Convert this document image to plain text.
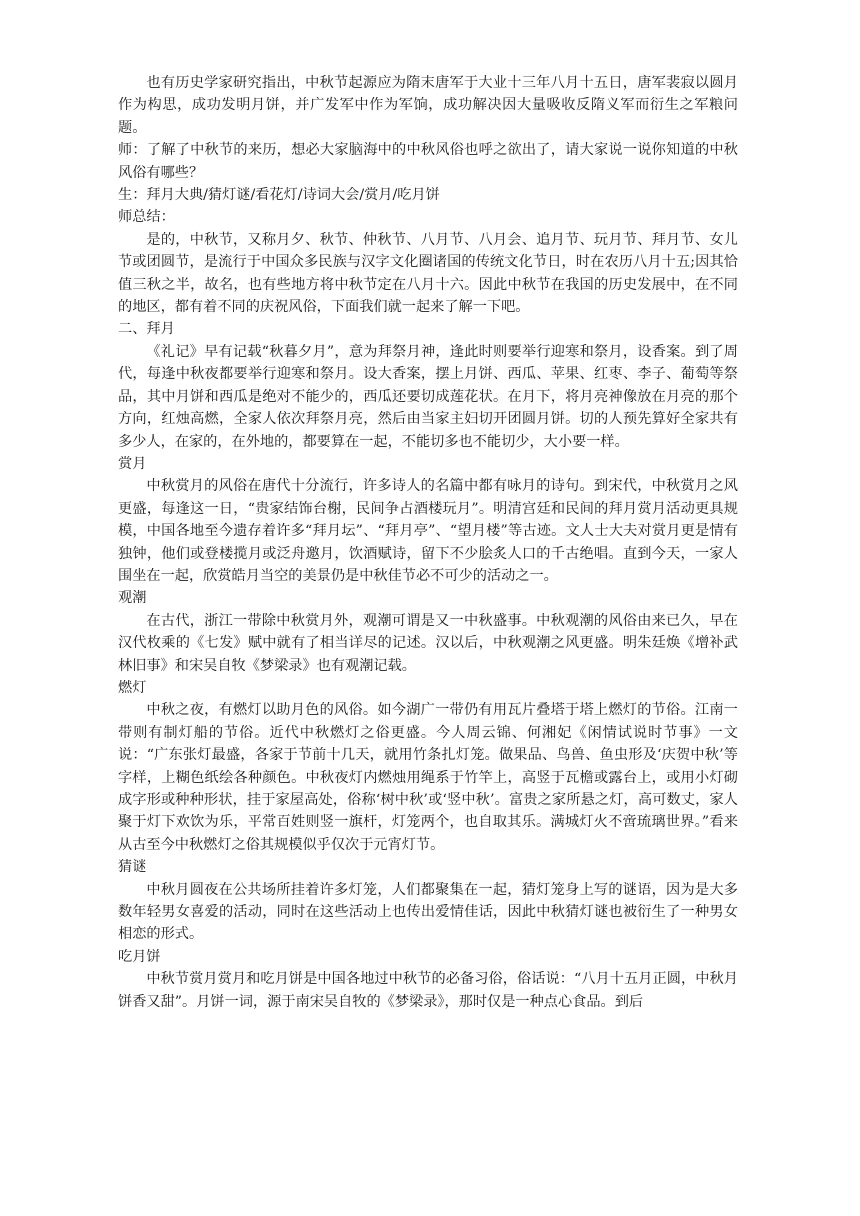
也有历史学家研究指出，中秋节起源应为隋末唐军于大业十三年八月十五日，唐军裴寂以圆月作为构思，成功发明月饼，并广发军中作为军饷，成功解决因大量吸收反隋义军而衍生之军粮问题。

师：了解了中秋节的来历，想必大家脑海中的中秋风俗也呼之欲出了，请大家说一说你知道的中秋风俗有哪些？

生：拜月大典/猜灯谜/看花灯/诗词大会/赏月/吃月饼

师总结：

是的，中秋节，又称月夕、秋节、仲秋节、八月节、八月会、追月节、玩月节、拜月节、女儿节或团圆节，是流行于中国众多民族与汉字文化圈诸国的传统文化节日，时在农历八月十五;因其恰值三秋之半，故名，也有些地方将中秋节定在八月十六。因此中秋节在我国的历史发展中，在不同的地区，都有着不同的庆祝风俗，下面我们就一起来了解一下吧。

二、拜月

《礼记》早有记载“秋暮夕月”，意为拜祭月神，逢此时则要举行迎寒和祭月，设香案。到了周代，每逢中秋夜都要举行迎寒和祭月。设大香案，摆上月饼、西瓜、苹果、红枣、李子、葡萄等祭品，其中月饼和西瓜是绝对不能少的，西瓜还要切成莲花状。在月下，将月亮神像放在月亮的那个方向，红烛高燃，全家人依次拜祭月亮，然后由当家主妇切开团圆月饼。切的人预先算好全家共有多少人，在家的，在外地的，都要算在一起，不能切多也不能切少，大小要一样。

赏月

中秋赏月的风俗在唐代十分流行，许多诗人的名篇中都有咏月的诗句。到宋代，中秋赏月之风更盛，每逢这一日，“贵家结饰台榭，民间争占酒楼玩月”。明清宫廷和民间的拜月赏月活动更具规模，中国各地至今遗存着许多“拜月坛”、“拜月亭”、“望月楼”等古迹。文人士大夫对赏月更是情有独钟，他们或登楼揽月或泛舟邀月，饮酒赋诗，留下不少脍炙人口的千古绝唱。直到今天，一家人围坐在一起，欣赏皓月当空的美景仍是中秋佳节必不可少的活动之一。

观潮

在古代，浙江一带除中秋赏月外，观潮可谓是又一中秋盛事。中秋观潮的风俗由来已久，早在汉代枚乘的《七发》赋中就有了相当详尽的记述。汉以后，中秋观潮之风更盛。明朱廷焕《增补武林旧事》和宋吴自牧《梦梁录》也有观潮记载。

燃灯

中秋之夜，有燃灯以助月色的风俗。如今湖广一带仍有用瓦片叠塔于塔上燃灯的节俗。江南一带则有制灯船的节俗。近代中秋燃灯之俗更盛。今人周云锦、何湘妃《闲情试说时节事》一文说：“广东张灯最盛，各家于节前十几天，就用竹条扎灯笼。做果品、鸟兽、鱼虫形及‘庆贺中秋’等字样，上糊色纸绘各种颜色。中秋夜灯内燃烛用绳系于竹竿上，高竖于瓦檐或露台上，或用小灯砌成字形或种种形状，挂于家屋高处，俗称‘树中秋’或‘竖中秋’。富贵之家所悬之灯，高可数丈，家人聚于灯下欢饮为乐，平常百姓则竖一旗杆，灯笼两个，也自取其乐。满城灯火不啻琉璃世界。”看来从古至今中秋燃灯之俗其规模似乎仅次于元宵灯节。

猜谜

中秋月圆夜在公共场所挂着许多灯笼，人们都聚集在一起，猜灯笼身上写的谜语，因为是大多数年轻男女喜爱的活动，同时在这些活动上也传出爱情佳话，因此中秋猜灯谜也被衍生了一种男女相恋的形式。

吃月饼

中秋节赏月赏月和吃月饼是中国各地过中秋节的必备习俗，俗话说：“八月十五月正圆，中秋月饼香又甜”。月饼一词，源于南宋吴自牧的《梦梁录》，那时仅是一种点心食品。到后
